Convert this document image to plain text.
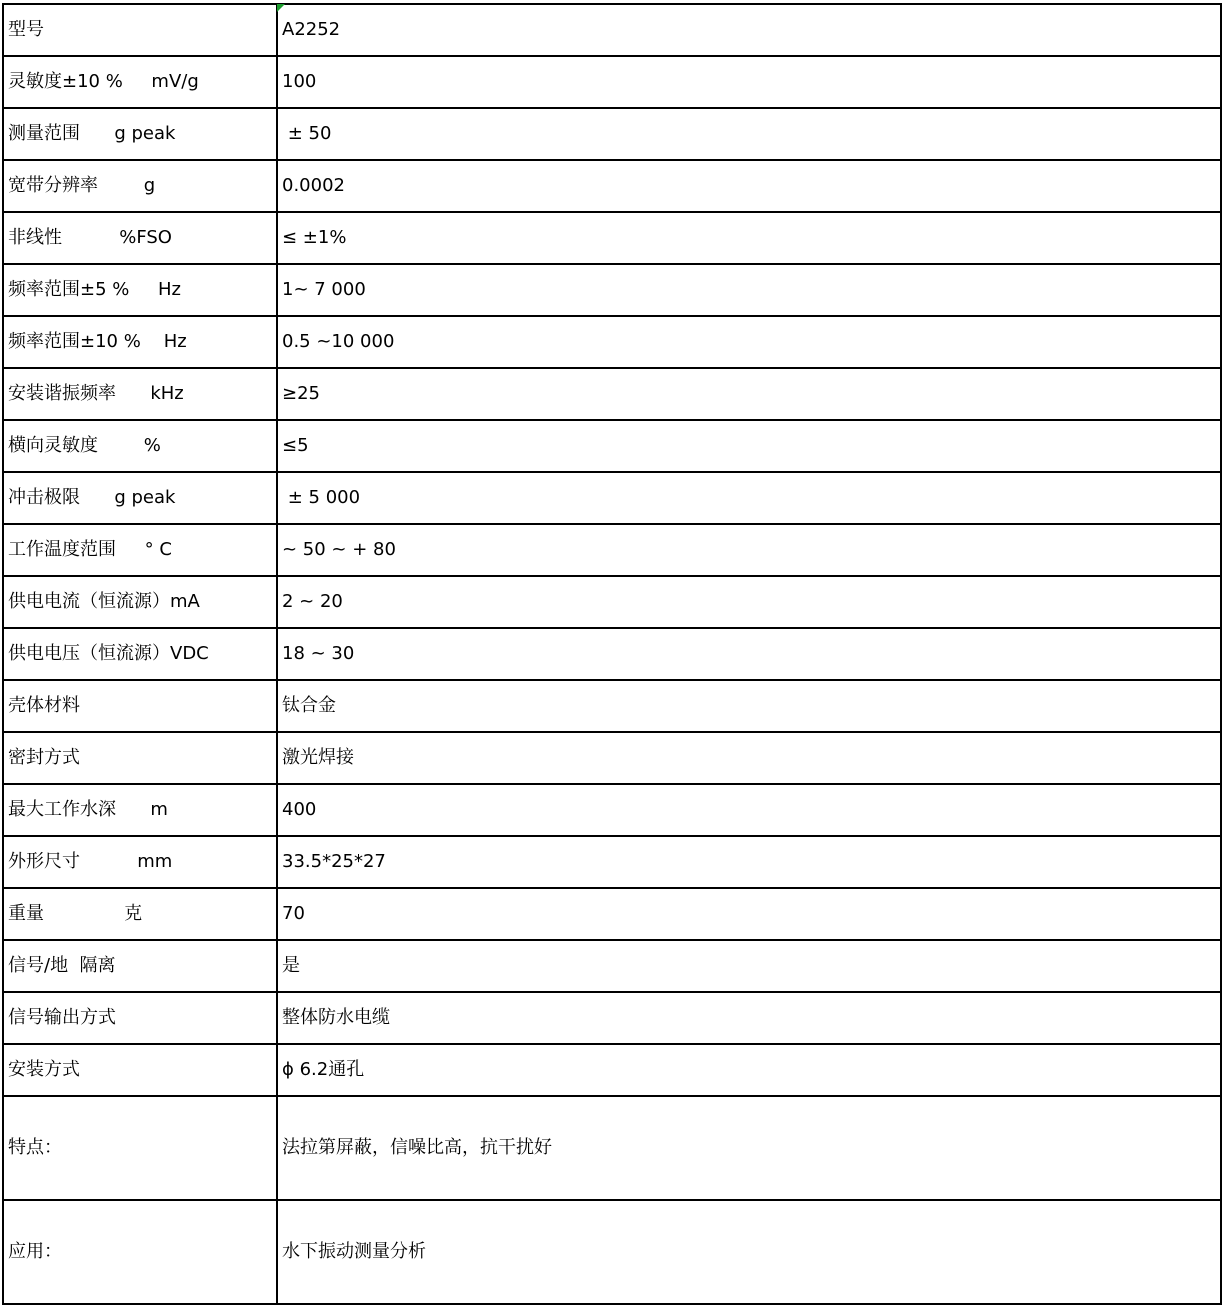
型号	A2252
灵敏度±10 %     mV/g	100
测量范围      g peak	± 50
宽带分辨率        g	0.0002
非线性          %FSO	≤ ±1%
频率范围±5 %     Hz	1~ 7 000
频率范围±10 %    Hz	0.5 ~10 000
安装谐振频率      kHz	≥25
横向灵敏度        %	≤5
冲击极限      g peak	± 5 000
工作温度范围     ° C	~ 50 ~ + 80
供电电流（恒流源）mA	2 ~ 20
供电电压（恒流源）VDC	18 ~ 30
壳体材料	钛合金
密封方式	激光焊接
最大工作水深      m	400
外形尺寸          mm	33.5*25*27
重量              克	70
信号/地  隔离	是
信号输出方式	整体防水电缆
安装方式	ϕ 6.2通孔
特点：	法拉第屏蔽，信噪比高，抗干扰好
应用：	水下振动测量分析
